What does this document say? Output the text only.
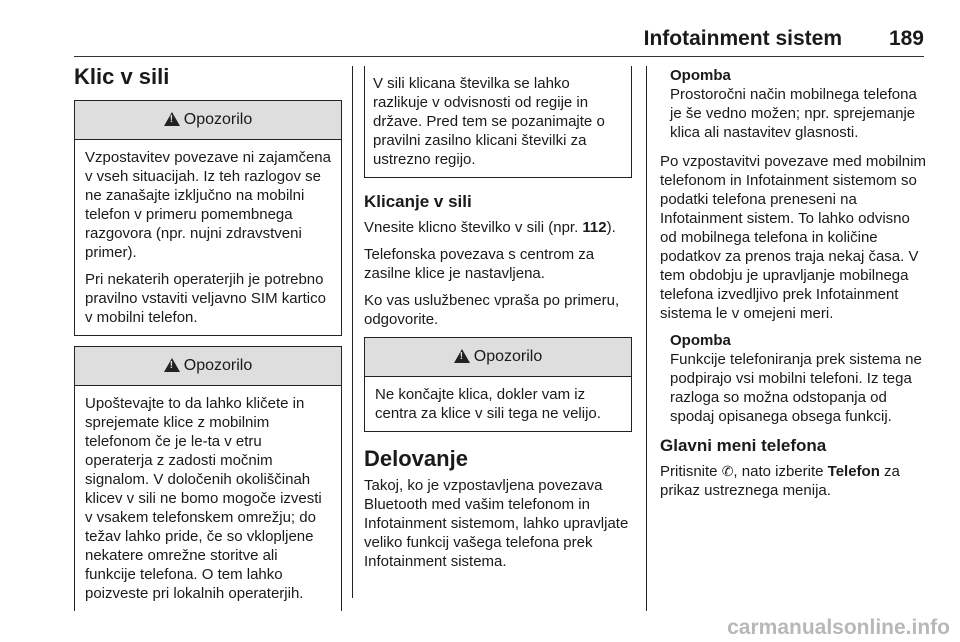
Infotainment sistem 189
Klic v sili
!
Opozorilo

Vzpostavitev povezave ni zajamčena v vseh situacijah. Iz teh razlogov se ne zanašajte izključno na mobilni telefon v primeru pomembnega razgovora (npr. nujni zdravstveni primer).

Pri nekaterih operaterjih je potrebno pravilno vstaviti veljavno SIM kartico v mobilni telefon.

!
Opozorilo

Upoštevajte to da lahko kličete in sprejemate klice z mobilnim telefonom če je le-ta v etru operaterja z zadosti močnim signalom. V določenih okoliščinah klicev v sili ne bomo mogoče izvesti v vsakem telefonskem omrežju; do težav lahko pride, če so vklopljene nekatere omrežne storitve ali funkcije telefona. O tem lahko poizveste pri lokalnih operaterjih.

V sili klicana številka se lahko razlikuje v odvisnosti od regije in države. Pred tem se pozanimajte o pravilni zasilno klicani številki za ustrezno regijo.

Klicanje v sili

Vnesite klicno številko v sili (npr. 112).

Telefonska povezava s centrom za zasilne klice je nastavljena.

Ko vas uslužbenec vpraša po primeru, odgovorite.

!
Opozorilo

Ne končajte klica, dokler vam iz centra za klice v sili tega ne velijo.

Delovanje

Takoj, ko je vzpostavljena povezava Bluetooth med vašim telefonom in Infotainment sistemom, lahko upravljate veliko funkcij vašega telefona prek Infotainment sistema.

Opomba

Prostoročni način mobilnega telefona je še vedno možen; npr. sprejemanje klica ali nastavitev glasnosti.

Po vzpostavitvi povezave med mobilnim telefonom in Infotainment sistemom so podatki telefona preneseni na Infotainment sistem. To lahko odvisno od mobilnega telefona in količine podatkov za prenos traja nekaj časa. V tem obdobju je upravljanje mobilnega telefona izvedljivo prek Infotainment sistema le v omejeni meri.

Opomba

Funkcije telefoniranja prek sistema ne podpirajo vsi mobilni telefoni. Iz tega razloga so možna odstopanja od spodaj opisanega obsega funkcij.

Glavni meni telefona

Pritisnite ✆, nato izberite Telefon za prikaz ustreznega menija.

carmanualsonline.info
